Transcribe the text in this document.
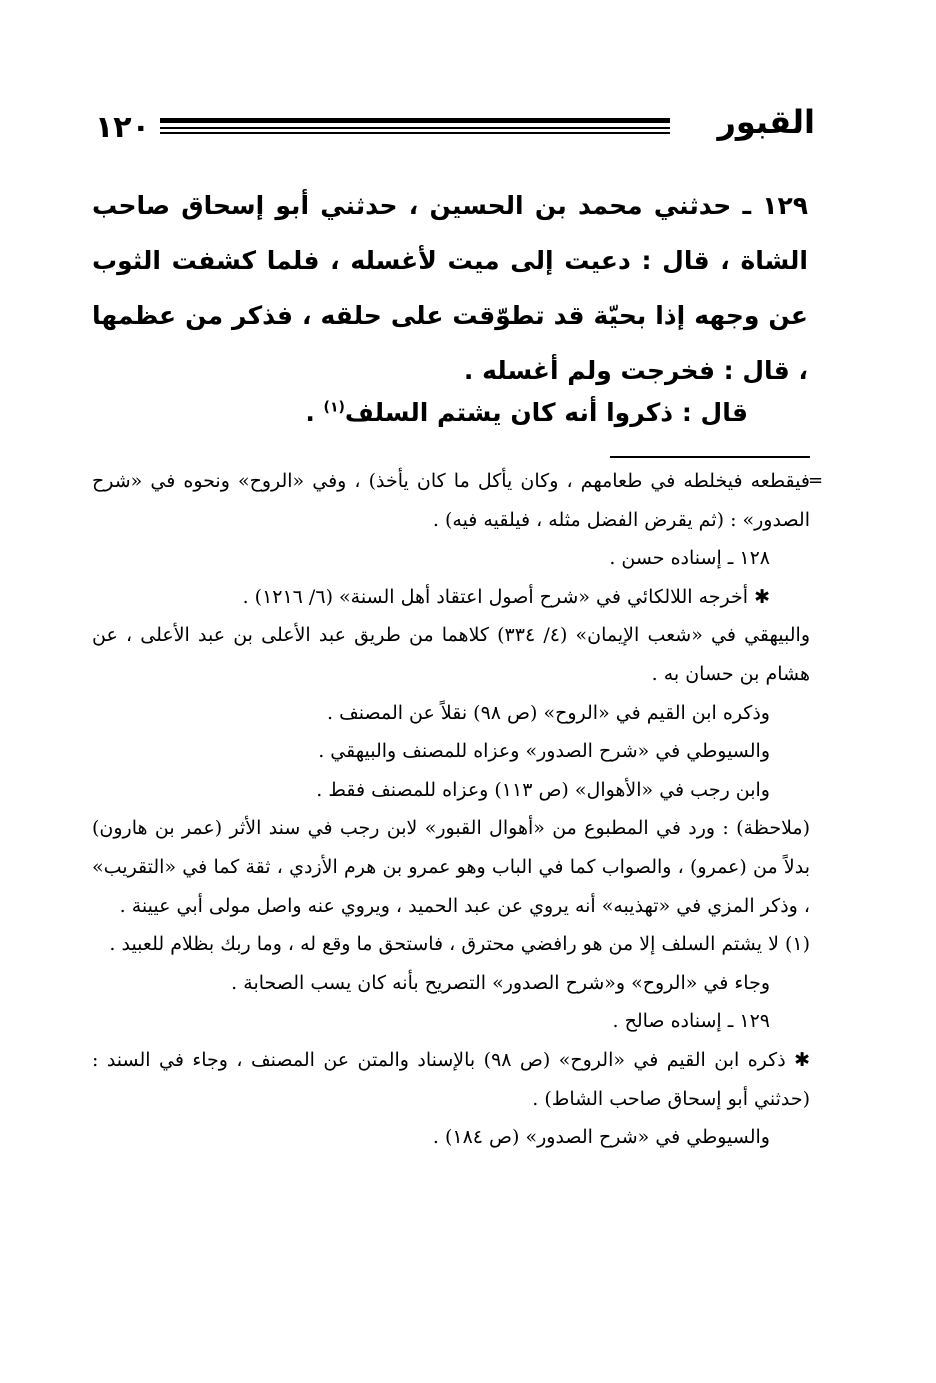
١٢٠	القبور

١٢٩ ـ حدثني محمد بن الحسين ، حدثني أبو إسحاق صاحب الشاة ، قال : دعيت إلى ميت لأغسله ، فلما كشفت الثوب عن وجهه إذا بحيّة قد تطوّقت على حلقه ، فذكر من عظمها ، قال : فخرجت ولم أغسله .

قال : ذكروا أنه كان يشتم السلف$^{(١)}$ .

فيقطعه فيخلطه في طعامهم ، وكان يأكل ما كان يأخذ) ، وفي «الروح» ونحوه في «شرح الصدور» : (ثم يقرض الفضل مثله ، فيلقيه فيه) .

١٢٨ ـ إسناده حسن .

✱ أخرجه اللالكائي في «شرح أصول اعتقاد أهل السنة» (٦/ ١٢١٦) .

والبيهقي في «شعب الإيمان» (٤/ ٣٣٤) كلاهما من طريق عبد الأعلى بن عبد الأعلى ، عن هشام بن حسان به .

وذكره ابن القيم في «الروح» (ص ٩٨) نقلاً عن المصنف .

والسيوطي في «شرح الصدور» وعزاه للمصنف والبيهقي .

وابن رجب في «الأهوال» (ص ١١٣) وعزاه للمصنف فقط .

(ملاحظة) : ورد في المطبوع من «أهوال القبور» لابن رجب في سند الأثر (عمر بن هارون) بدلاً من (عمرو) ، والصواب كما في الباب وهو عمرو بن هرم الأزدي ، ثقة كما في «التقريب» ، وذكر المزي في «تهذيبه» أنه يروي عن عبد الحميد ، ويروي عنه واصل مولى أبي عيينة .

(١) لا يشتم السلف إلا من هو رافضي محترق ، فاستحق ما وقع له ، وما ربك بظلام للعبيد .

وجاء في «الروح» و«شرح الصدور» التصريح بأنه كان يسب الصحابة .

١٢٩ ـ إسناده صالح .

✱ ذكره ابن القيم في «الروح» (ص ٩٨) بالإسناد والمتن عن المصنف ، وجاء في السند : (حدثني أبو إسحاق صاحب الشاط) .

والسيوطي في «شرح الصدور» (ص ١٨٤) .

=
